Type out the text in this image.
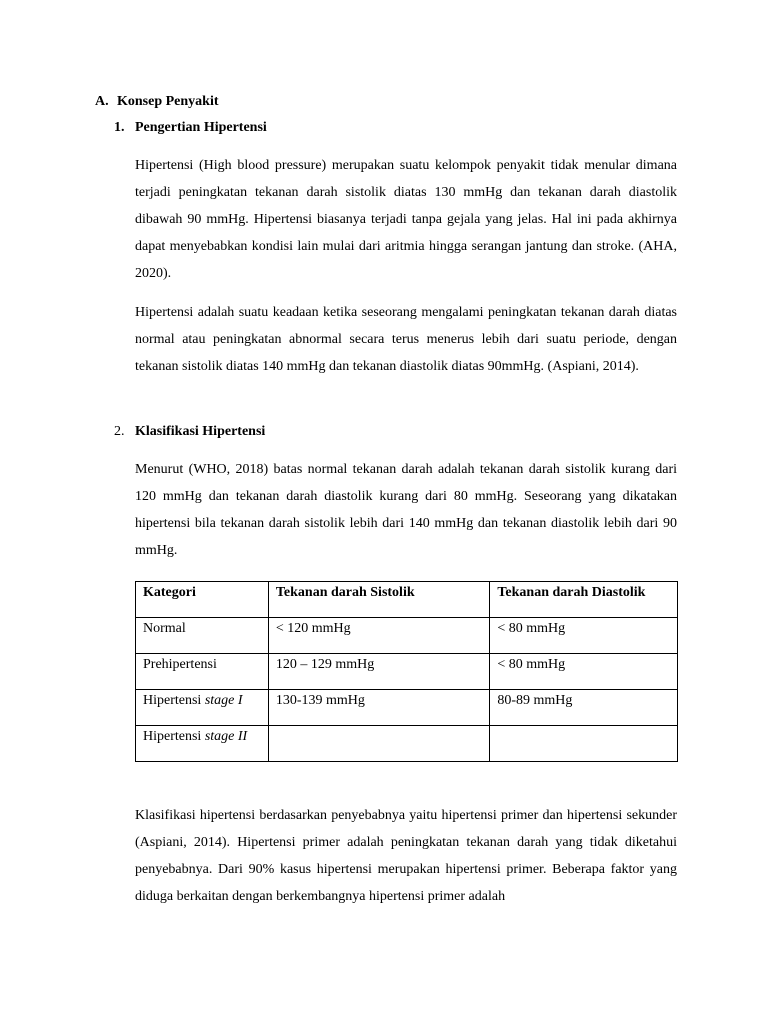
A. Konsep Penyakit
1. Pengertian Hipertensi

Hipertensi (High blood pressure) merupakan suatu kelompok penyakit tidak menular dimana terjadi peningkatan tekanan darah sistolik diatas 130 mmHg dan tekanan darah diastolik dibawah 90 mmHg. Hipertensi biasanya terjadi tanpa gejala yang jelas. Hal ini pada akhirnya dapat menyebabkan kondisi lain mulai dari aritmia hingga serangan jantung dan stroke. (AHA, 2020).

Hipertensi adalah suatu keadaan ketika seseorang mengalami peningkatan tekanan darah diatas normal atau peningkatan abnormal secara terus menerus lebih dari suatu periode, dengan tekanan sistolik diatas 140 mmHg dan tekanan diastolik diatas 90mmHg. (Aspiani, 2014).

2. Klasifikasi Hipertensi

Menurut (WHO, 2018) batas normal tekanan darah adalah tekanan darah sistolik kurang dari 120 mmHg dan tekanan darah diastolik kurang dari 80 mmHg. Seseorang yang dikatakan hipertensi bila tekanan darah sistolik lebih dari 140 mmHg dan tekanan diastolik lebih dari 90 mmHg.

Kategori	Tekanan darah Sistolik	Tekanan darah Diastolik
Normal	< 120 mmHg	< 80 mmHg
Prehipertensi	120 – 129 mmHg	< 80 mmHg
Hipertensi stage I	130-139 mmHg	80-89 mmHg
Hipertensi stage II		

Klasifikasi hipertensi berdasarkan penyebabnya yaitu hipertensi primer dan hipertensi sekunder (Aspiani, 2014). Hipertensi primer adalah peningkatan tekanan darah yang tidak diketahui penyebabnya. Dari 90% kasus hipertensi merupakan hipertensi primer. Beberapa faktor yang diduga berkaitan dengan berkembangnya hipertensi primer adalah
